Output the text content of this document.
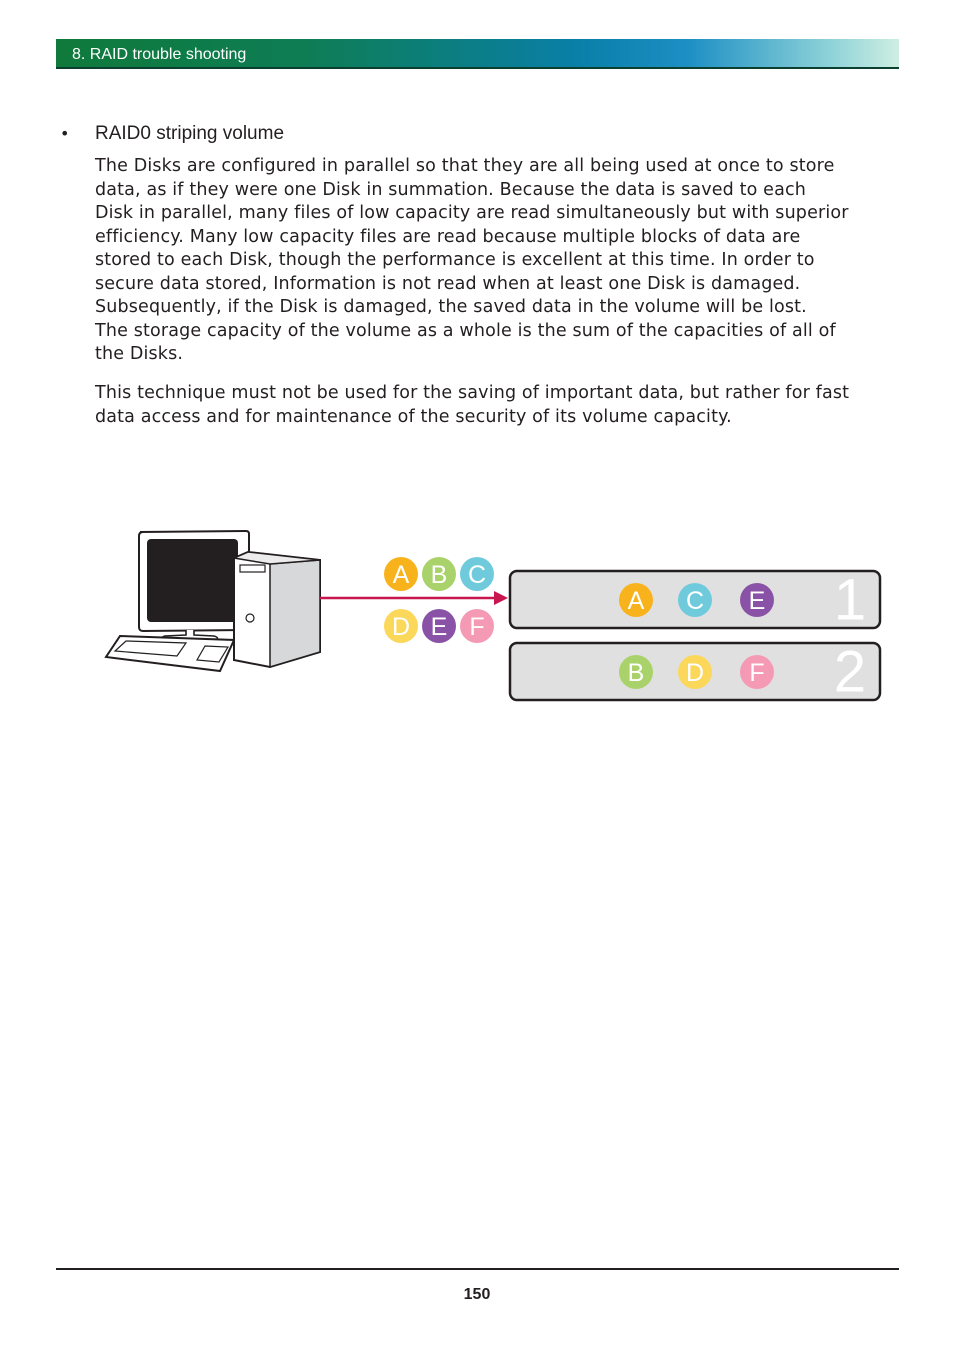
8. RAID trouble shooting
• RAID0 striping volume
The Disks are configured in parallel so that they are all being used at once to store
data, as if they were one Disk in summation. Because the data is saved to each
Disk in parallel, many files of low capacity are read simultaneously but with superior
efficiency. Many low capacity files are read because multiple blocks of data are
stored to each Disk, though the performance is excellent at this time. In order to
secure data stored, Information is not read when at least one Disk is damaged.
Subsequently, if the Disk is damaged, the saved data in the volume will be lost.
The storage capacity of the volume as a whole is the sum of the capacities of all of
the Disks.
This technique must not be used for the saving of important data, but rather for fast
data access and for maintenance of the security of its volume capacity.
A B C
D E F	1
A C E
2
B D F
150
